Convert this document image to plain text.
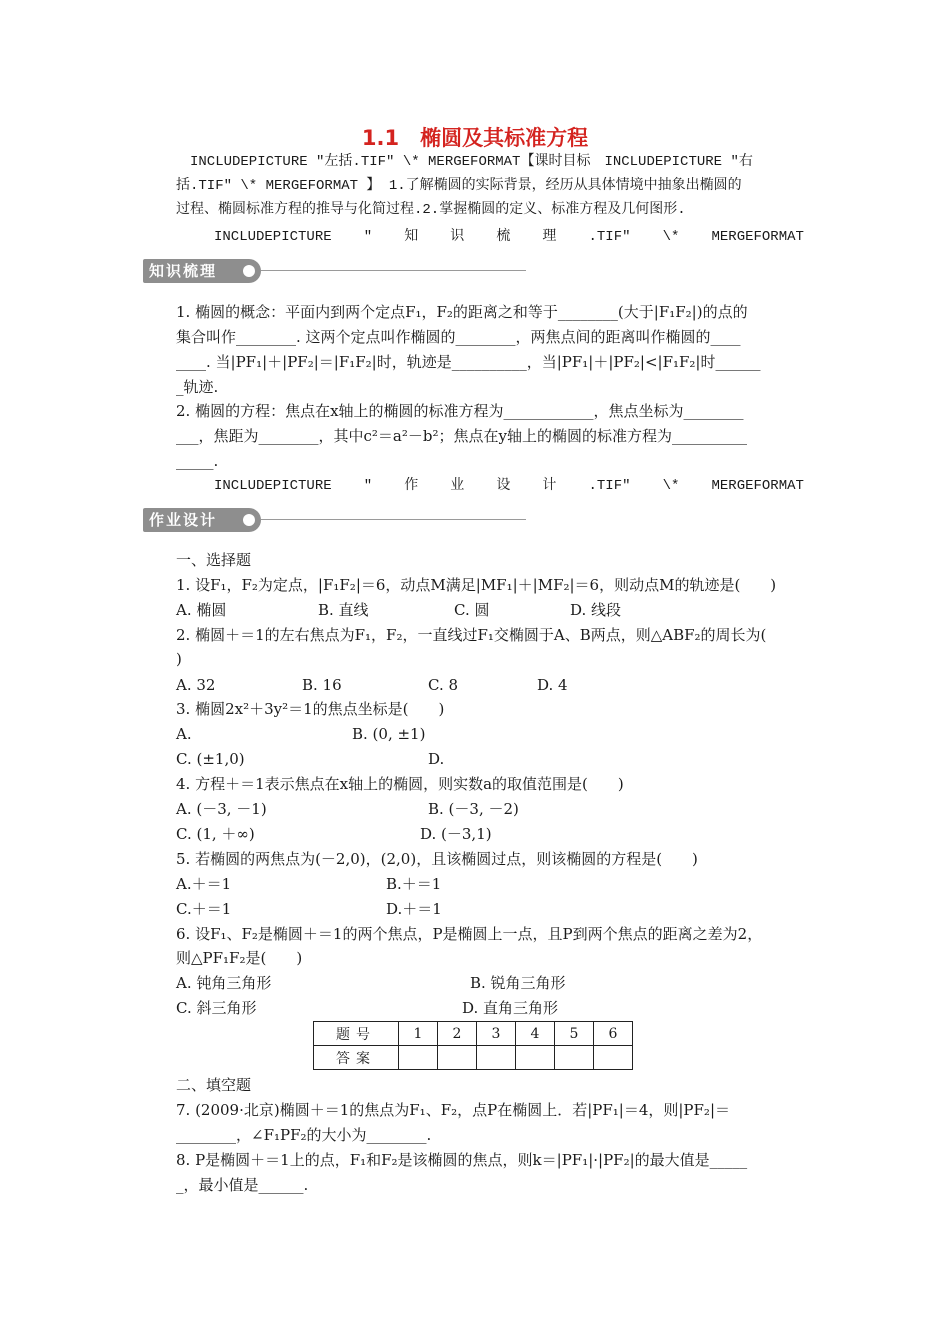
1.1　椭圆及其标准方程
INCLUDEPICTURE "左括.TIF" \* MERGEFORMAT【课时目标　INCLUDEPICTURE "右
括.TIF" \* MERGEFORMAT 】 1.了解椭圆的实际背景，经历从具体情境中抽象出椭圆的
过程、椭圆标准方程的推导与化简过程.2.掌握椭圆的定义、标准方程及几何图形.
INCLUDEPICTURE " 知 识 梳 理 .TIF" \* MERGEFORMAT
知识梳理
1. 椭圆的概念：平面内到两个定点F₁，F₂的距离之和等于________(大于|F₁F₂|)的点的
集合叫作________. 这两个定点叫作椭圆的________，两焦点间的距离叫作椭圆的____
____. 当|PF₁|＋|PF₂|＝|F₁F₂|时，轨迹是__________，当|PF₁|＋|PF₂|<|F₁F₂|时______
_轨迹.
2. 椭圆的方程：焦点在x轴上的椭圆的标准方程为____________，焦点坐标为________
___，焦距为________，其中c²＝a²－b²；焦点在y轴上的椭圆的标准方程为__________
_____.
INCLUDEPICTURE " 作 业 设 计 .TIF" \* MERGEFORMAT
作业设计
一、选择题
1. 设F₁，F₂为定点，|F₁F₂|＝6，动点M满足|MF₁|＋|MF₂|＝6，则动点M的轨迹是(　　)
A. 椭圆	B. 直线	C. 圆	D. 线段
2. 椭圆＋＝1的左右焦点为F₁，F₂，一直线过F₁交椭圆于A、B两点，则△ABF₂的周长为(
)
A. 32	B. 16	C. 8	D. 4
3. 椭圆2x²＋3y²＝1的焦点坐标是(　　)
A.	B. (0, ±1)
C. (±1,0)	D.
4. 方程＋＝1表示焦点在x轴上的椭圆，则实数a的取值范围是(　　)
A. (－3, －1)	B. (－3, －2)
C. (1, ＋∞)	D. (－3,1)
5. 若椭圆的两焦点为(－2,0)，(2,0)，且该椭圆过点，则该椭圆的方程是(　　)
A.＋＝1	B.＋＝1
C.＋＝1	D.＋＝1
6. 设F₁、F₂是椭圆＋＝1的两个焦点，P是椭圆上一点，且P到两个焦点的距离之差为2，
则△PF₁F₂是(　　)
A. 钝角三角形	B. 锐角三角形
C. 斜三角形	D. 直角三角形
题号	1	2	3	4	5	6
答案						
二、填空题
7. (2009·北京)椭圆＋＝1的焦点为F₁、F₂，点P在椭圆上．若|PF₁|＝4，则|PF₂|＝
________，∠F₁PF₂的大小为________.
8. P是椭圆＋＝1上的点，F₁和F₂是该椭圆的焦点，则k＝|PF₁|·|PF₂|的最大值是_____
_，最小值是______.
